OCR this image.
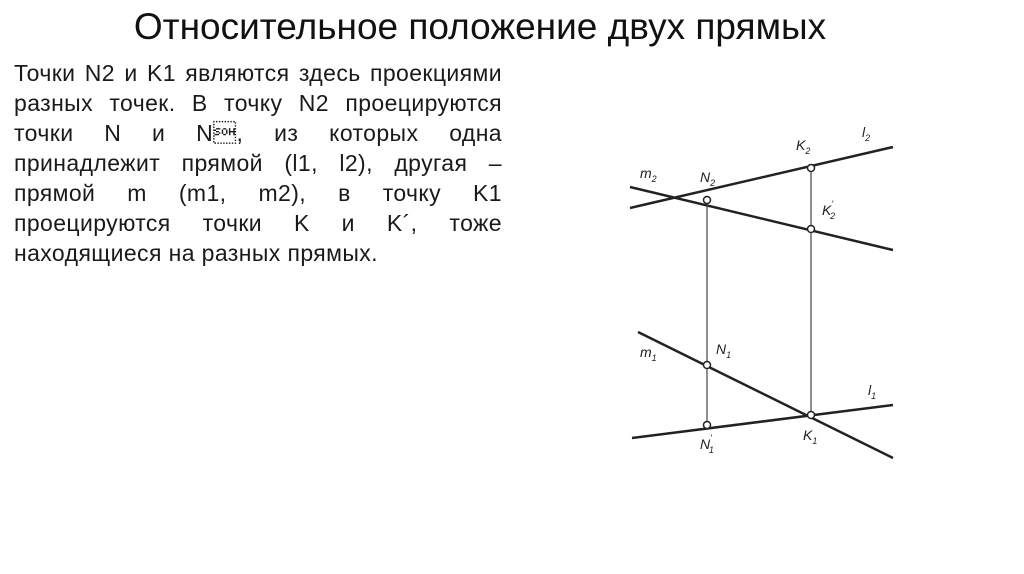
Относительное положение двух прямых
Точки N2 и K1 являются здесь проекциями разных точек. В точку N2 проецируются точки N и N, из которых одна принадлежит прямой (l1, l2), другая – прямой m (m1, m2), в точку K1 проецируются точки K и K´, тоже находящиеся на разных прямых.
$m_2$	$N_2$
$K_2$
$l_2$
K' 2
$m_1$
$N_1$
$l_1$
N' 1
$K_1$
